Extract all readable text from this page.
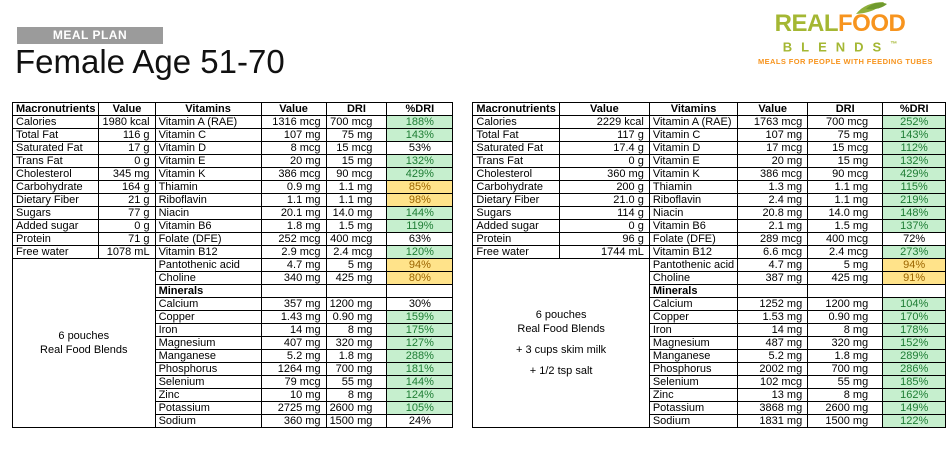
MEAL PLAN
Female Age 51-70
REALFOOD
BLENDS™
MEALS FOR PEOPLE WITH FEEDING TUBES
Macronutrients	Value	Vitamins	Value	DRI	%DRI
Calories	1980 kcal	Vitamin A (RAE)	1316 mcg	700 mcg	188%
Total Fat	116 g	Vitamin C	107 mg	75 mg	143%
Saturated Fat	17 g	Vitamin D	8 mcg	15 mcg	53%
Trans Fat	0 g	Vitamin E	20 mg	15 mg	132%
Cholesterol	345 mg	Vitamin K	386 mcg	90 mcg	429%
Carbohydrate	164 g	Thiamin	0.9 mg	1.1 mg	85%
Dietary Fiber	21 g	Riboflavin	1.1 mg	1.1 mg	98%
Sugars	77 g	Niacin	20.1 mg	14.0 mg	144%
Added sugar	0 g	Vitamin B6	1.8 mg	1.5 mg	119%
Protein	71 g	Folate (DFE)	252 mcg	400 mcg	63%
Free water	1078 mL	Vitamin B12	2.9 mcg	2.4 mcg	120%

6 pouches
Real Food Blends		Pantothenic acid	4.7 mg	5 mg	94%
		Choline	340 mg	425 mg	80%
		Minerals			
		Calcium	357 mg	1200 mg	30%
		Copper	1.43 mg	0.90 mg	159%
		Iron	14 mg	8 mg	175%
		Magnesium	407 mg	320 mg	127%
		Manganese	5.2 mg	1.8 mg	288%
		Phosphorus	1264 mg	700 mg	181%
		Selenium	79 mcg	55 mg	144%
		Zinc	10 mg	8 mg	124%
		Potassium	2725 mg	2600 mg	105%
		Sodium	360 mg	1500 mg	24%
Macronutrients	Value	Vitamins	Value	DRI	%DRI
Calories	2229 kcal	Vitamin A (RAE)	1763 mcg	700 mcg	252%
Total Fat	117 g	Vitamin C	107 mg	75 mg	143%
Saturated Fat	17.4 g	Vitamin D	17 mcg	15 mcg	112%
Trans Fat	0 g	Vitamin E	20 mg	15 mg	132%
Cholesterol	360 mg	Vitamin K	386 mcg	90 mcg	429%
Carbohydrate	200 g	Thiamin	1.3 mg	1.1 mg	115%
Dietary Fiber	21.0 g	Riboflavin	2.4 mg	1.1 mg	219%
Sugars	114 g	Niacin	20.8 mg	14.0 mg	148%
Added sugar	0 g	Vitamin B6	2.1 mg	1.5 mg	137%
Protein	96 g	Folate (DFE)	289 mcg	400 mcg	72%
Free water	1744 mL	Vitamin B12	6.6 mcg	2.4 mcg	273%

6 pouches
Real Food Blends
+ 3 cups skim milk
+ 1/2 tsp salt		Pantothenic acid	4.7 mg	5 mg	94%
		Choline	387 mg	425 mg	91%
		Minerals			
		Calcium	1252 mg	1200 mg	104%
		Copper	1.53 mg	0.90 mg	170%
		Iron	14 mg	8 mg	178%
		Magnesium	487 mg	320 mg	152%
		Manganese	5.2 mg	1.8 mg	289%
		Phosphorus	2002 mg	700 mg	286%
		Selenium	102 mcg	55 mg	185%
		Zinc	13 mg	8 mg	162%
		Potassium	3868 mg	2600 mg	149%
		Sodium	1831 mg	1500 mg	122%
